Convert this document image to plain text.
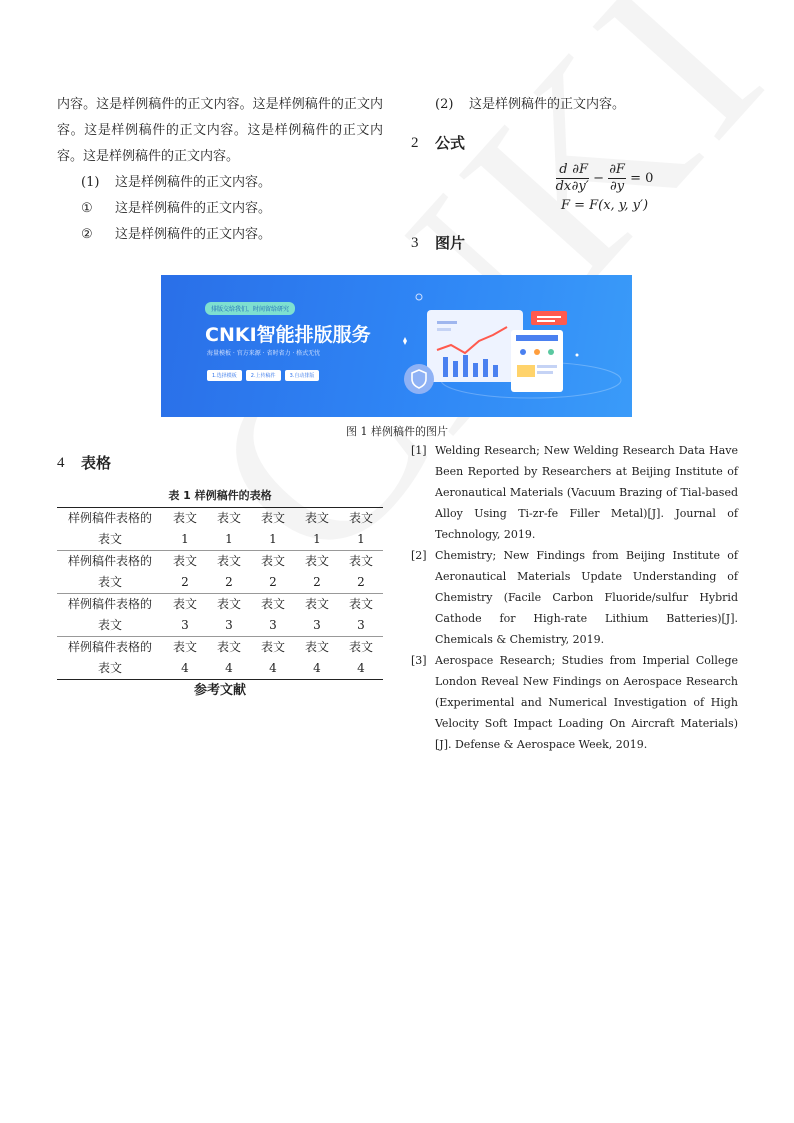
内容。这是样例稿件的正文内容。这是样例稿件的正文内容。这是样例稿件的正文内容。这是样例稿件的正文内容。这是样例稿件的正文内容。

(1)	这是样例稿件的正文内容。
①	这是样例稿件的正文内容。
②	这是样例稿件的正文内容。
(2)	这是样例稿件的正文内容。
2	公式
$\frac{d}{dx} \frac{\partial F}{\partial y'} - \frac{\partial F}{\partial y} = 0$
F = F(x, y, y′)
3	图片
排版交给我们，时间留给研究
CNKI智能排版服务
海量模板 · 官方来源 · 省时省力 · 格式无忧
1.选择模板	2.上传稿件	3.自动排版
图 1 样例稿件的图片
4	表格
表 1 样例稿件的表格
样例稿件表格的	表文	表文	表文	表文	表文
表文	1	1	1	1	1
样例稿件表格的	表文	表文	表文	表文	表文
表文	2	2	2	2	2
样例稿件表格的	表文	表文	表文	表文	表文
表文	3	3	3	3	3
样例稿件表格的	表文	表文	表文	表文	表文
表文	4	4	4	4	4
参考文献
[1] Welding Research; New Welding Research Data Have Been Reported by Researchers at Beijing Institute of Aeronautical Materials (Vacuum Brazing of Tial-based Alloy Using Ti-zr-fe Filler Metal)[J]. Journal of Technology, 2019.
[2] Chemistry; New Findings from Beijing Institute of Aeronautical Materials Update Understanding of Chemistry (Facile Carbon Fluoride/sulfur Hybrid Cathode for High-rate Lithium Batteries)[J]. Chemicals & Chemistry, 2019.
[3] Aerospace Research; Studies from Imperial College London Reveal New Findings on Aerospace Research (Experimental and Numerical Investigation of High Velocity Soft Impact Loading On Aircraft Materials)[J]. Defense & Aerospace Week, 2019.
